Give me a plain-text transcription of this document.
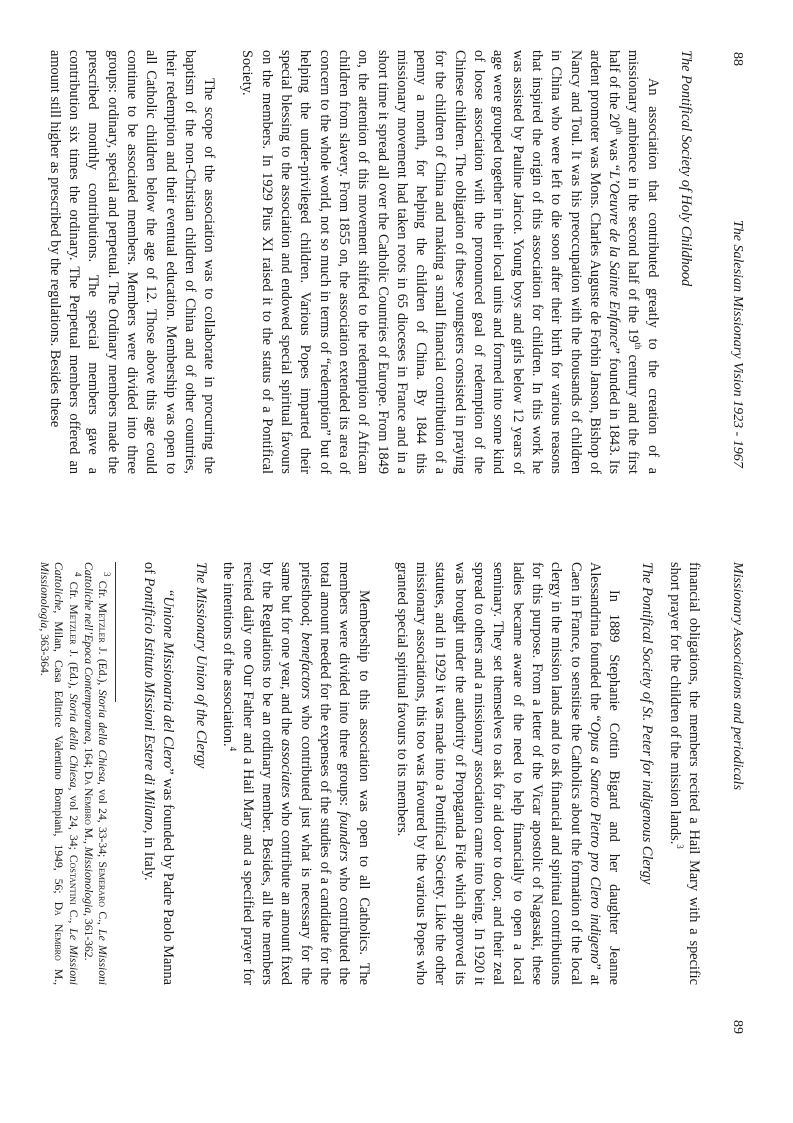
88
The Salesian Missionary Vision 1923 - 1967
The Pontifical Society of Holy Childhood

An association that contributed greatly to the creation of a missionary ambience in the second half of the 19th century and the first half of the 20th was “L’Oeuvre de la Sainte Enfance” founded in 1843. Its ardent promoter was Mons. Charles Auguste de Forbin Janson, Bishop of Nancy and Toul. It was his preoccupation with the thousands of children in China who were left to die soon after their birth for various reasons that inspired the origin of this association for children. In this work he was assisted by Pauline Jaricot. Young boys and girls below 12 years of age were grouped together in their local units and formed into some kind of loose association with the pronounced goal of redemption of the Chinese children. The obligation of these youngsters consisted in praying for the children of China and making a small financial contribution of a penny a month, for helping the children of China. By 1844 this missionary movement had taken roots in 65 dioceses in France and in a short time it spread all over the Catholic Countries of Europe. From 1849 on, the attention of this movement shifted to the redemption of African children from slavery. From 1855 on, the association extended its area of concern to the whole world, not so much in terms of “redemption” but of helping the under-privileged children. Various Popes imparted their special blessing to the association and endowed special spiritual favours on the members. In 1929 Pius XI raised it to the status of a Pontifical Society.

The scope of the association was to collaborate in procuring the baptism of the non-Christian children of China and of other countries, their redemption and their eventual education. Membership was open to all Catholic children below the age of 12. Those above this age could continue to be associated members. Members were divided into three groups: ordinary, special and perpetual. The Ordinary members made the prescribed monthly contributions. The special members gave a contribution six times the ordinary. The Perpetual members offered an amount still higher as prescribed by the regulations. Besides these

Missionary Associations and periodicals
89

financial obligations, the members recited a Hail Mary with a specific short prayer for the children of the mission lands.$^3$

The Pontifical Society of St. Peter for indigenous Clergy

In 1889 Stephanie Cottin Bigard and her daughter Jeanne Alessandrina founded the “Opus a Sancto Pietro pro Clero indigeno” at Caen in France, to sensitise the Catholics about the formation of the local clergy in the mission lands and to ask financial and spiritual contributions for this purpose. From a letter of the Vicar apostolic of Nagasaki, these ladies became aware of the need to help financially to open a local seminary. They set themselves to ask for aid door to door, and their zeal spread to others and a missionary association came into being. In 1920 it was brought under the authority of Propaganda Fide which approved its statutes, and in 1929 it was made into a Pontifical Society. Like the other missionary associations, this too was favoured by the various Popes who granted special spiritual favours to its members.

Membership to this association was open to all Catholics. The members were divided into three groups: founders who contributed the total amount needed for the expenses of the studies of a candidate for the priesthood; benefactors who contributed just what is necessary for the same but for one year, and the associates who contribute an amount fixed by the Regulations to be an ordinary member. Besides, all the members recited daily one Our Father and a Hail Mary and a specified prayer for the intentions of the association.$^4$

The Missionary Union of the Clergy

“Unione Missionaria del Clero” was founded by Padre Paolo Manna of Pontificio Istituto Missioni Estere di Milano, in Italy.

$^3$ Cfr. Metzler J. (Ed.), Storia della Chiesa, vol 24, 33-34; Semeraro C., Le Missioni Cattoliche nell’Epoca Contemporanea, 164; Da Nembro M., Missionologia, 361-362.

$^4$ Cfr. Metzler J. (Ed.), Storia della Chiesa, vol 24, 34; Costantini C., Le Missioni Cattoliche, Milan, Casa Editrice Valentino Bompiani, 1949, 56; Da Nembro M., Missionologia, 363-364.
